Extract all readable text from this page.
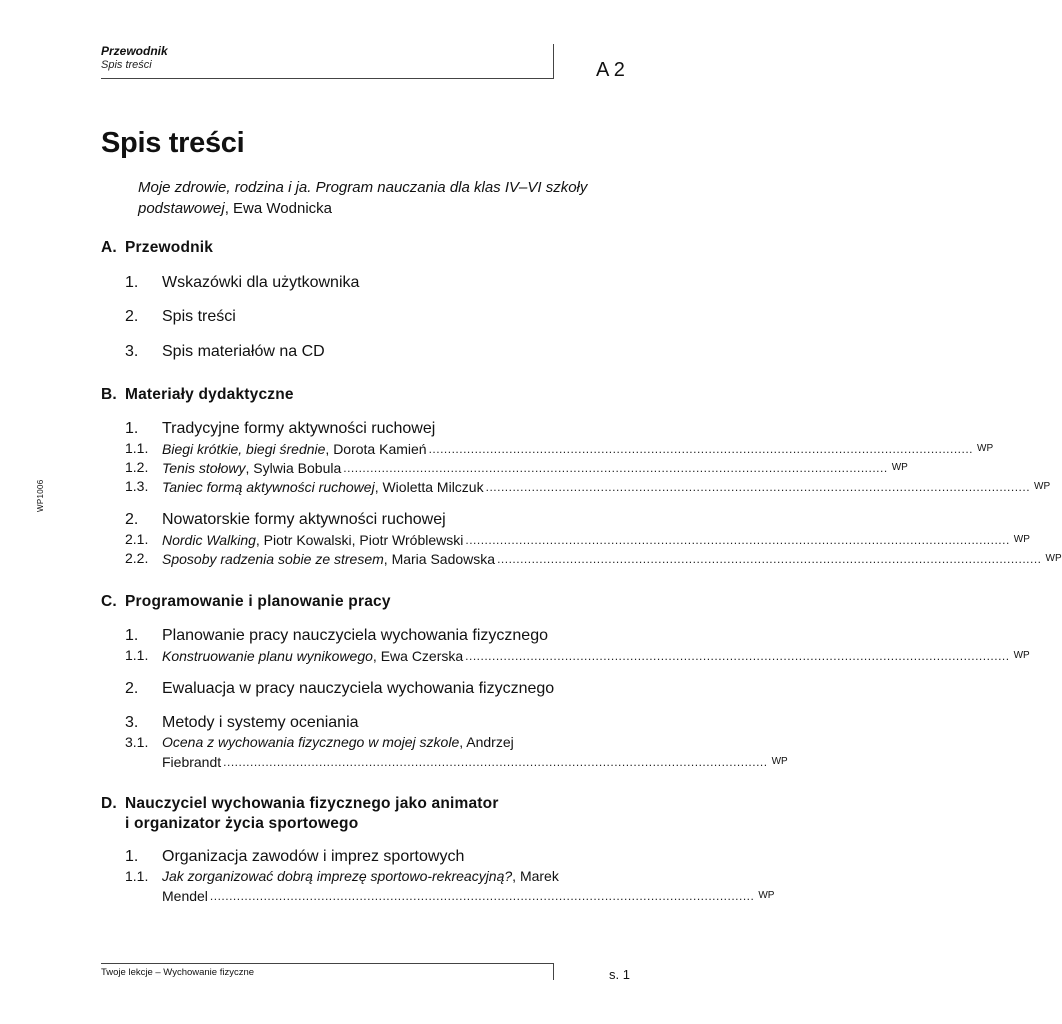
Przewodnik
Spis treści	A 2
WP1006
Spis treści
Moje zdrowie, rodzina i ja. Program nauczania dla klas IV–VI szkoły podstawowej, Ewa Wodnicka
A. Przewodnik
1.	Wskazówki dla użytkownika
2.	Spis treści
3.	Spis materiałów na CD
B. Materiały dydaktyczne
1.	Tradycyjne formy aktywności ruchowej
1.1. Biegi krótkie, biegi średnie, Dorota Kamień .............................................................................................................................................. WP
1.2. Tenis stołowy, Sylwia Bobula .............................................................................................................................................. WP
1.3. Taniec formą aktywności ruchowej, Wioletta Milczuk .............................................................................................................................................. WP
2.	Nowatorskie formy aktywności ruchowej
2.1. Nordic Walking, Piotr Kowalski, Piotr Wróblewski .............................................................................................................................................. WP
2.2. Sposoby radzenia sobie ze stresem, Maria Sadowska .............................................................................................................................................. WP
C. Programowanie i planowanie pracy
1.	Planowanie pracy nauczyciela wychowania fizycznego
1.1. Konstruowanie planu wynikowego, Ewa Czerska .............................................................................................................................................. WP
2.	Ewaluacja w pracy nauczyciela wychowania fizycznego
3.	Metody i systemy oceniania
3.1. Ocena z wychowania fizycznego w mojej szkole, Andrzej
Fiebrandt .............................................................................................................................................. WP
D. Nauczyciel wychowania fizycznego jako animator
i organizator życia sportowego
1.	Organizacja zawodów i imprez sportowych
1.1. Jak zorganizować dobrą imprezę sportowo-rekreacyjną?, Marek
Mendel .............................................................................................................................................. WP
Twoje lekcje – Wychowanie fizyczne	s. 1
